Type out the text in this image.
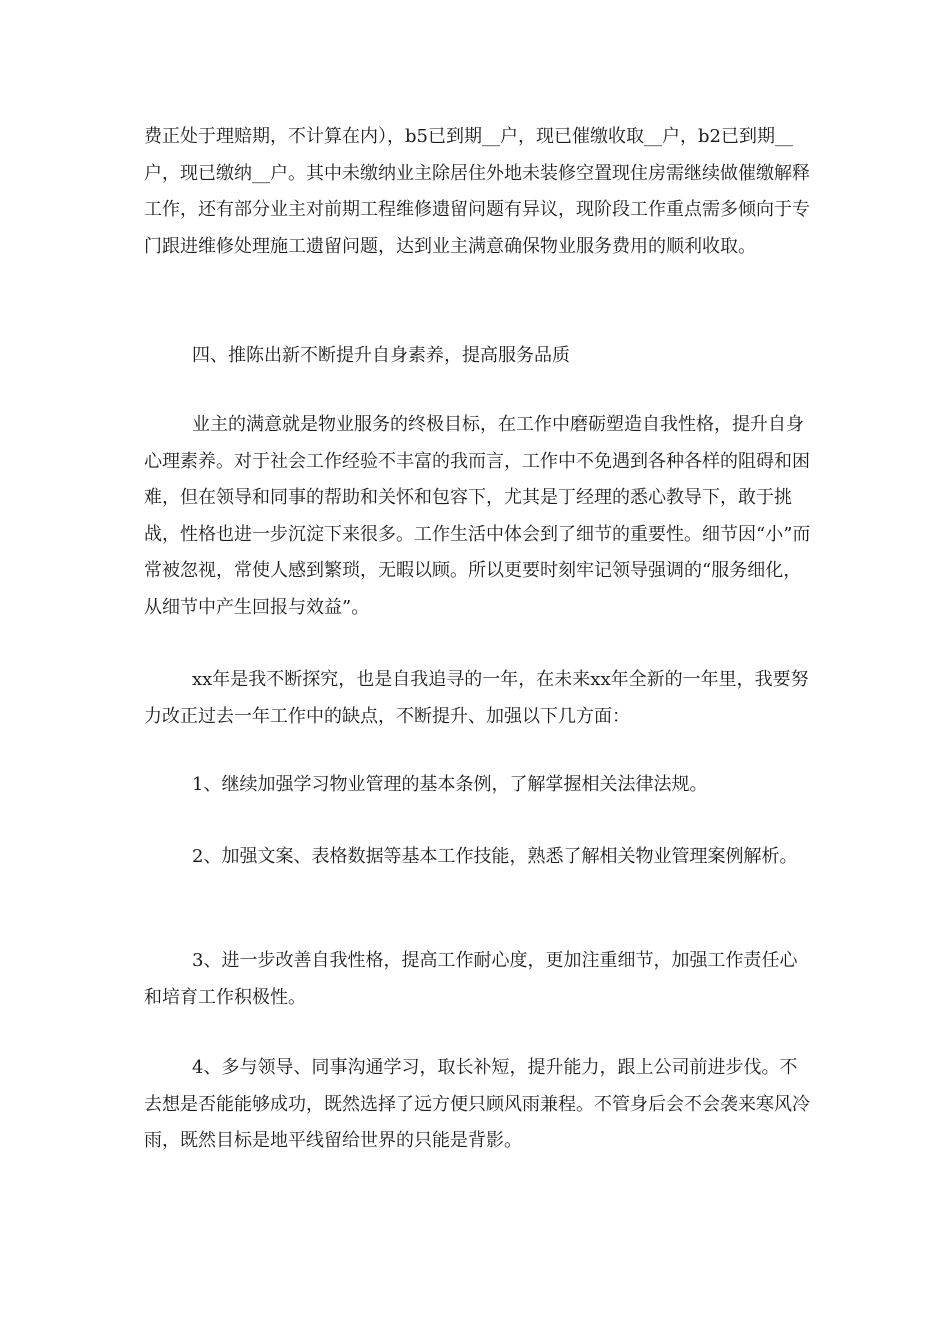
费正处于理赔期，不计算在内），b5已到期__户，现已催缴收取__户，b2已到期__户，现已缴纳__户。其中未缴纳业主除居住外地未装修空置现住房需继续做催缴解释工作，还有部分业主对前期工程维修遗留问题有异议，现阶段工作重点需多倾向于专门跟进维修处理施工遗留问题，达到业主满意确保物业服务费用的顺利收取。

四、推陈出新不断提升自身素养，提高服务品质

业主的满意就是物业服务的终极目标，在工作中磨砺塑造自我性格，提升自身心理素养。对于社会工作经验不丰富的我而言，工作中不免遇到各种各样的阻碍和困难，但在领导和同事的帮助和关怀和包容下，尤其是丁经理的悉心教导下，敢于挑战，性格也进一步沉淀下来很多。工作生活中体会到了细节的重要性。细节因“小”而常被忽视，常使人感到繁琐，无暇以顾。所以更要时刻牢记领导强调的“服务细化，从细节中产生回报与效益”。

xx年是我不断探究，也是自我追寻的一年，在未来xx年全新的一年里，我要努力改正过去一年工作中的缺点，不断提升、加强以下几方面：

1、继续加强学习物业管理的基本条例，了解掌握相关法律法规。

2、加强文案、表格数据等基本工作技能，熟悉了解相关物业管理案例解析。

3、进一步改善自我性格，提高工作耐心度，更加注重细节，加强工作责任心和培育工作积极性。

4、多与领导、同事沟通学习，取长补短，提升能力，跟上公司前进步伐。不去想是否能能够成功，既然选择了远方便只顾风雨兼程。不管身后会不会袭来寒风冷雨，既然目标是地平线留给世界的只能是背影。
